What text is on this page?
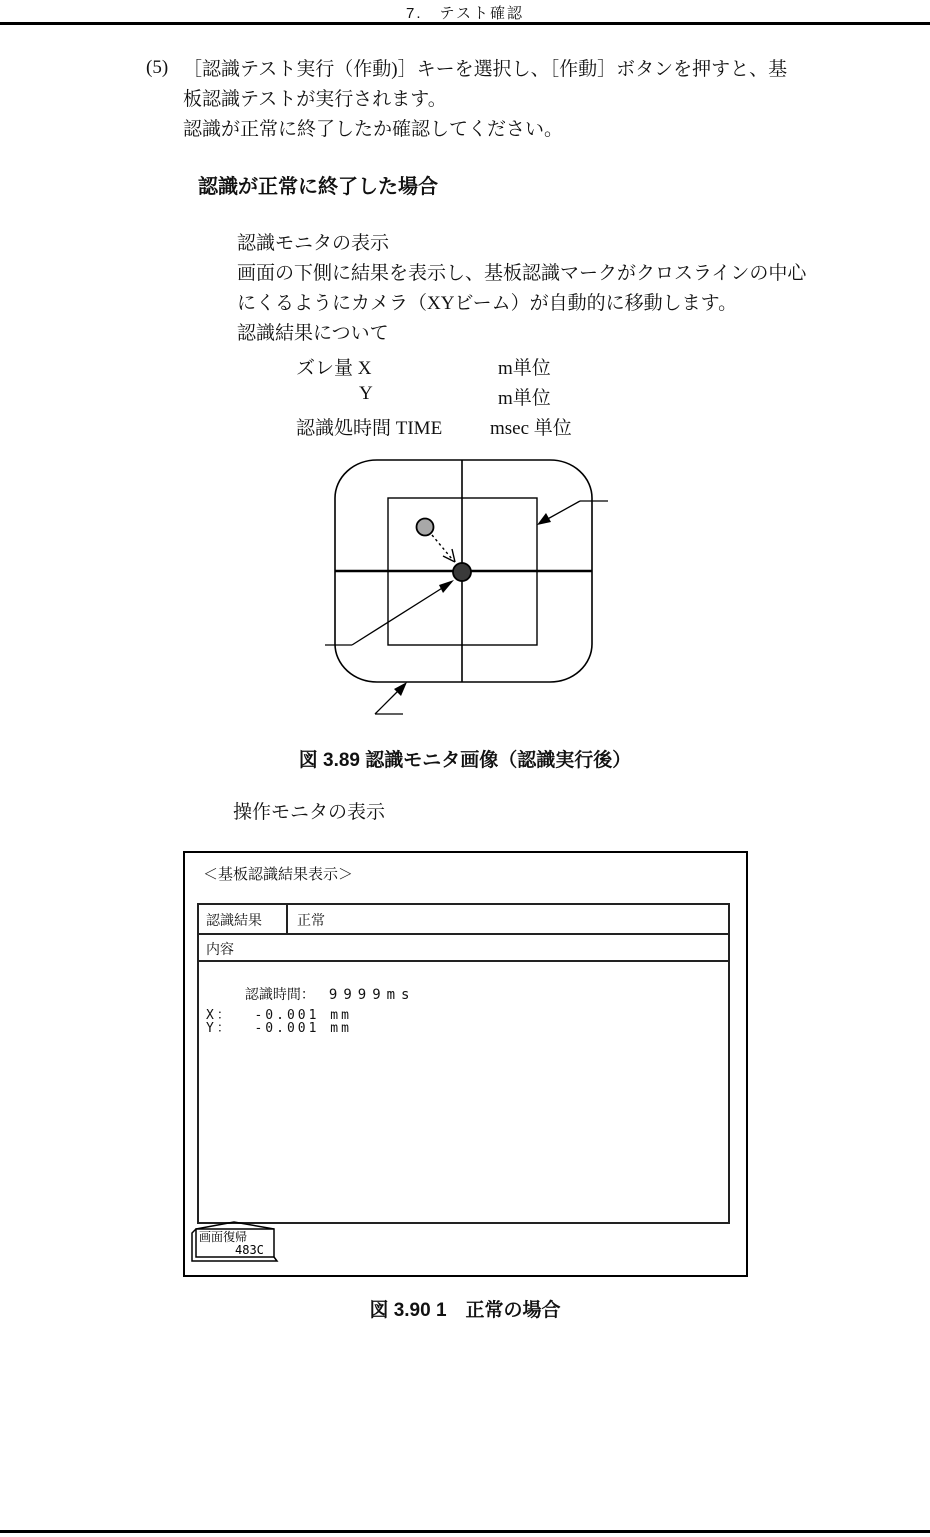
7.　テスト確認
(5) ［認識テスト実行（作動)］キーを選択し、［作動］ボタンを押すと、基
板認識テストが実行されます。
認識が正常に終了したか確認してください。
認識が正常に終了した場合
認識モニタの表示
画面の下側に結果を表示し、基板認識マークがクロスラインの中心
にくるようにカメラ（XYビーム）が自動的に移動します。
認識結果について
ズレ量 X	m単位
Y	m単位
認識処時間 TIME	msec 単位
図 3.89 認識モニタ画像（認識実行後）
操作モニタの表示
＜基板認識結果表示＞
認識結果	正常
内容

認識時間： 9999ms

X：  -0.001 mm
Y：  -0.001 mm
画面復帰
483C
図 3.90 1　正常の場合
